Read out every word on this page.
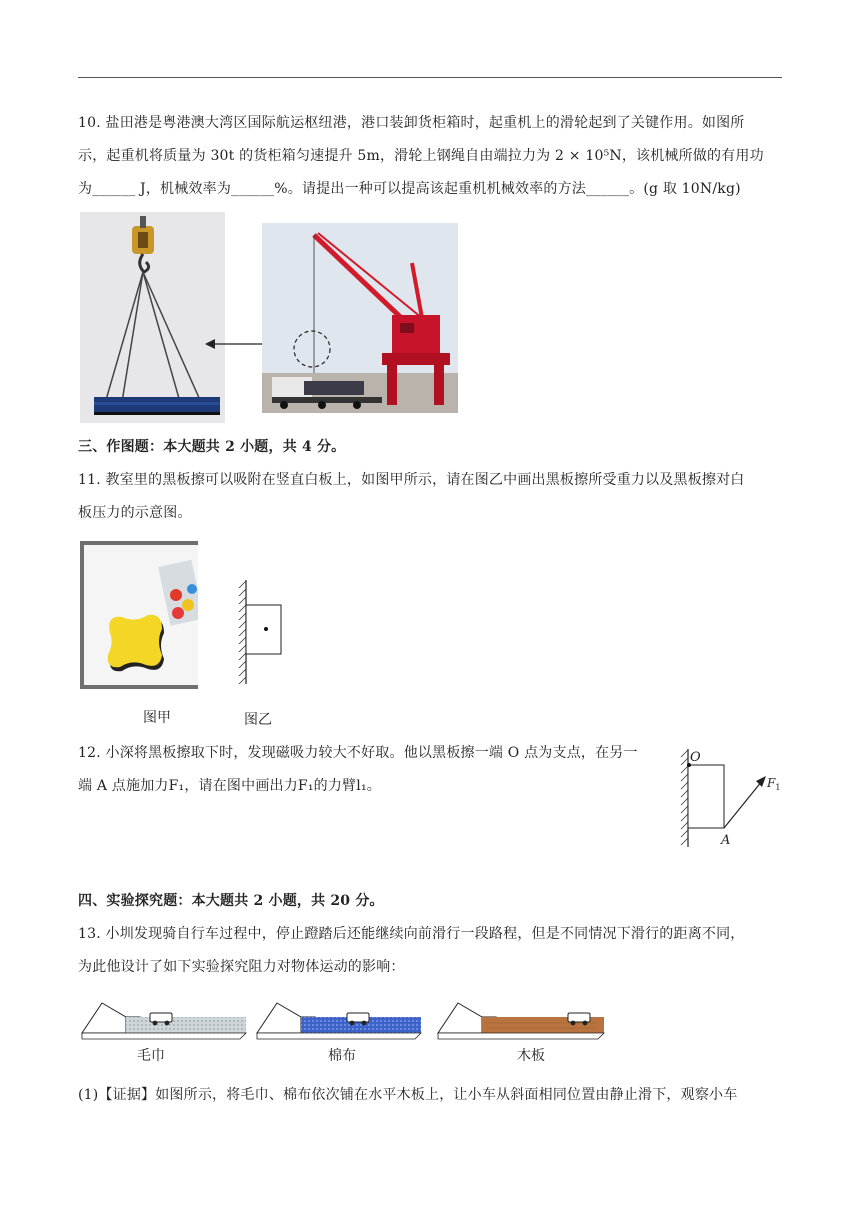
10. 盐田港是粤港澳大湾区国际航运枢纽港，港口装卸货柜箱时，起重机上的滑轮起到了关键作用。如图所
示，起重机将质量为 30t 的货柜箱匀速提升 5m，滑轮上钢绳自由端拉力为 2 × 10⁵N，该机械所做的有用功
为______ J，机械效率为______%。请提出一种可以提高该起重机机械效率的方法______。(g 取 10N/kg)
三、作图题：本大题共 2 小题，共 4 分。
11. 教室里的黑板擦可以吸附在竖直白板上，如图甲所示，请在图乙中画出黑板擦所受重力以及黑板擦对白
板压力的示意图。
图甲	图乙
12. 小深将黑板擦取下时，发现磁吸力较大不好取。他以黑板擦一端 O 点为支点，在另一
端 A 点施加力F₁，请在图中画出力F₁的力臂l₁。
O
A
$F_1$
四、实验探究题：本大题共 2 小题，共 20 分。
13. 小圳发现骑自行车过程中，停止蹬踏后还能继续向前滑行一段路程，但是不同情况下滑行的距离不同，
为此他设计了如下实验探究阻力对物体运动的影响：
毛巾	棉布	木板
(1)【证据】如图所示，将毛巾、棉布依次铺在水平木板上，让小车从斜面相同位置由静止滑下，观察小车
